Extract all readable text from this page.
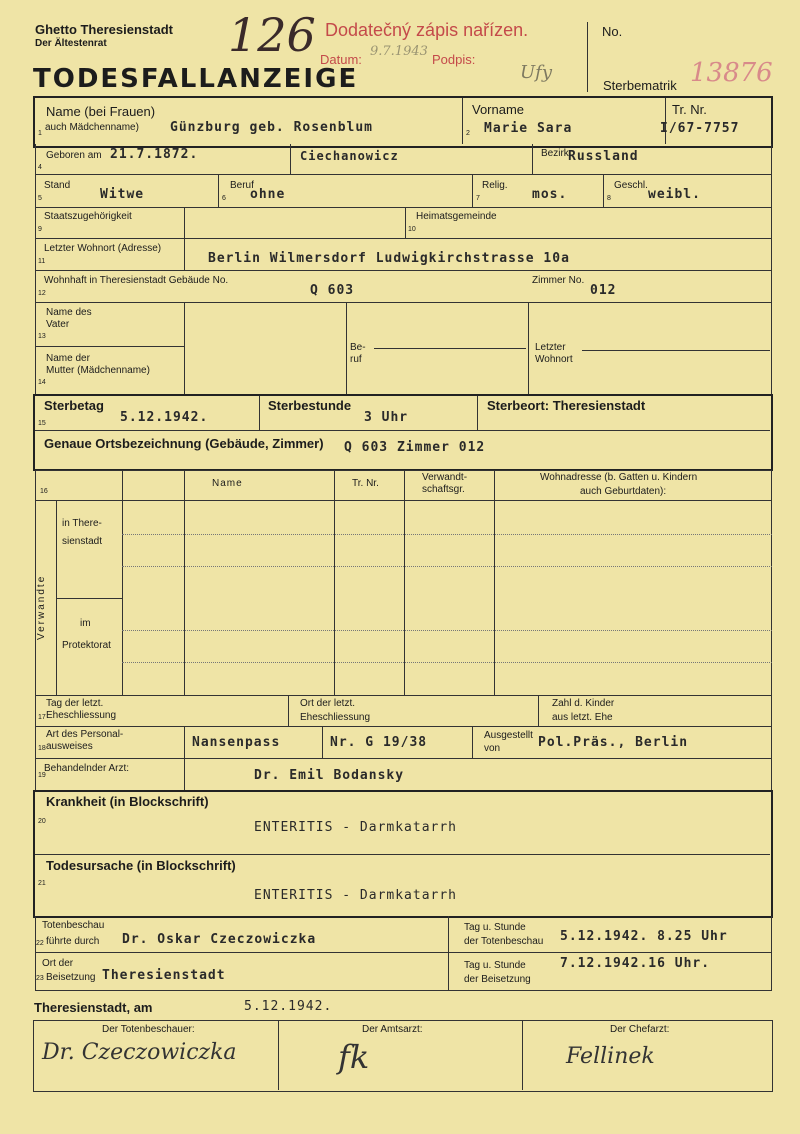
Ghetto Theresienstadt
Der Ältestenrat
TODESFALLANZEIGE
126 Dodatečný zápis nařízen.
Datum:
9.7.1943
Podpis:
Ufy
No.
Sterbematrik 13876
Name (bei Frauen)
1
auch Mädchenname) Günzburg geb. Rosenblum
Vorname
2 Marie Sara
Tr. Nr.
I/67-7757
Geboren am
4
21.7.1872.	Ciechanowicz	Bezirk Russland
Stand
5	Witwe
Beruf
6 ohne
Relig.
7	mos.
Geschl.
8	weibl.
Staatszugehörigkeit
9
Heimatsgemeinde
10
Letzter Wohnort (Adresse)
11	Berlin Wilmersdorf Ludwigkirchstrasse 10a
Wohnhaft in Theresienstadt Gebäude No.
12	Q 603
Zimmer No.
012
Name des
Vater
13
Name der
Mutter (Mädchenname)
14
Be-
ruf
Letzter
Wohnort
Sterbetag
15	5.12.1942.
Sterbestunde
3 Uhr
Sterbeort: Theresienstadt
Genaue Ortsbezeichnung (Gebäude, Zimmer) Q 603 Zimmer 012
16
Name	Tr. Nr.
Verwandt-
schaftsgr.
Wohnadresse (b. Gatten u. Kindern
auch Geburtdaten):
Verwandte
in There-
sienstadt
im
Protektorat
Tag der letzt.
17 Eheschliessung
Ort der letzt.
Eheschliessung
Zahl d. Kinder
aus letzt. Ehe
Art des Personal-
18 ausweises	Nansenpass	Nr. G 19/38	Ausgestellt
von	Pol.Präs., Berlin
Behandelnder Arzt:
19	Dr. Emil Bodansky
Krankheit (in Blockschrift)
20	ENTERITIS - Darmkatarrh
Todesursache (in Blockschrift)
21
ENTERITIS - Darmkatarrh
Totenbeschau
22 führte durch Dr. Oskar Czeczowiczka
Tag u. Stunde
der Totenbeschau 5.12.1942. 8.25 Uhr
Ort der
23 Beisetzung Theresienstadt
Tag u. Stunde
der Beisetzung
7.12.1942.16 Uhr.
Theresienstadt, am	5.12.1942.
Der Totenbeschauer:	Der Amtsarzt:	Der Chefarzt:
Dr. Czeczowiczka	fk	Fellinek
